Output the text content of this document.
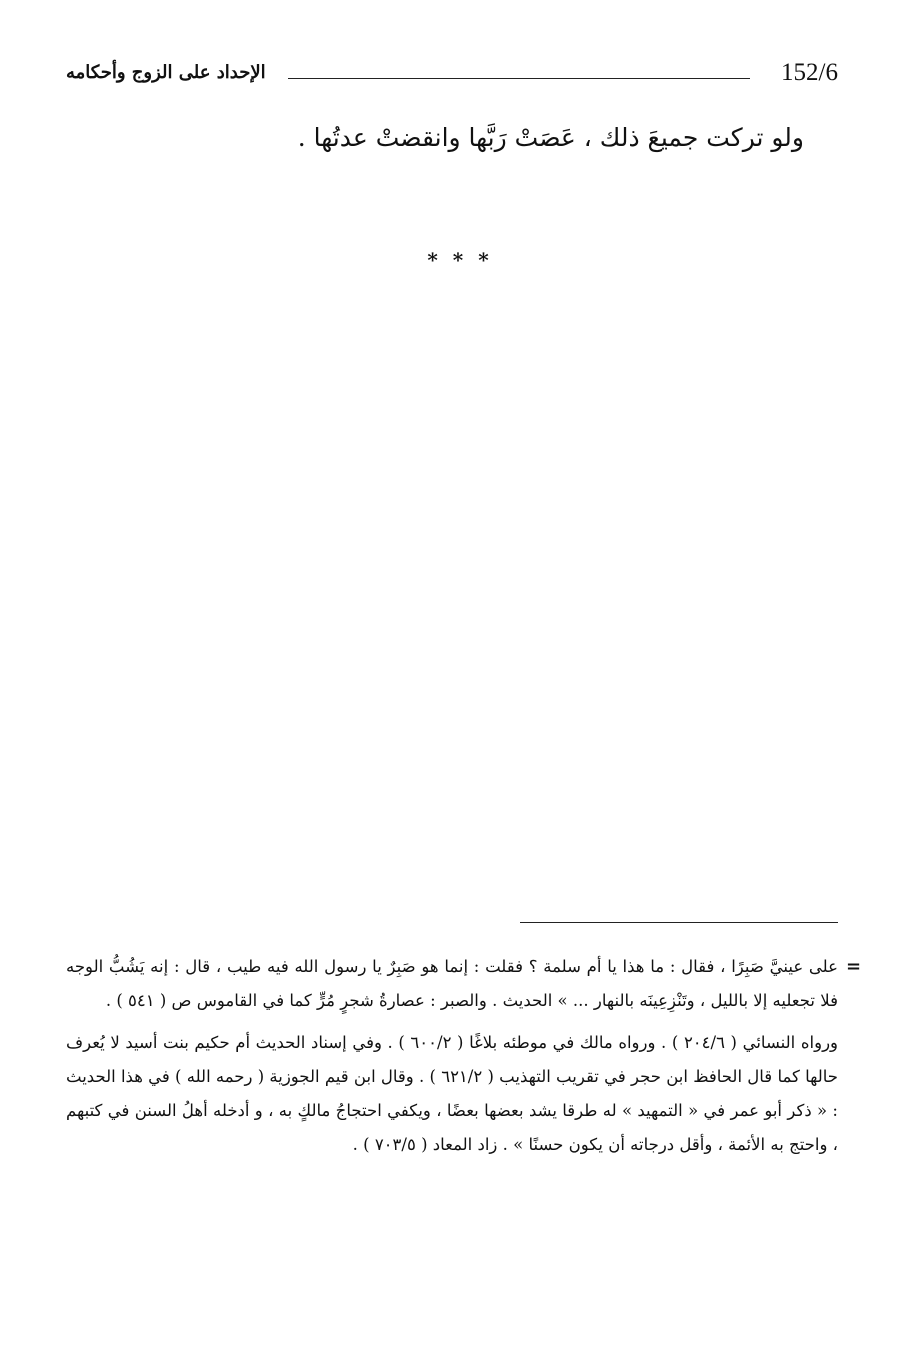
152/6
الإحداد على الزوج وأحكامه
ولو تركت جميعَ ذلك ، عَصَتْ رَبَّها وانقضتْ عدتُها .
* * *
=

على عينيَّ صَبِرًا ، فقال : ما هذا يا أم سلمة ؟ فقلت : إنما هو صَبِرٌ يا رسول الله فيه طيب ، قال : إنه يَشُبُّ الوجه فلا تجعليه إلا بالليل ، وتَنْزِعِينَه بالنهار ... » الحديث . والصبر : عصارةُ شجرٍ مُرٍّ كما في القاموس ص ( ٥٤١ ) .

ورواه النسائي ( ٢٠٤/٦ ) . ورواه مالك في موطئه بلاغًا ( ٦٠٠/٢ ) . وفي إسناد الحديث أم حكيم بنت أسيد لا يُعرف حالها كما قال الحافظ ابن حجر في تقريب التهذيب ( ٦٢١/٢ ) . وقال ابن قيم الجوزية ( رحمه الله ) في هذا الحديث : « ذكر أبو عمر في « التمهيد » له طرقا يشد بعضها بعضًا ، ويكفي احتجاجُ مالكٍ به ، و أدخله أهلُ السنن في كتبهم ، واحتج به الأئمة ، وأقل درجاته أن يكون حسنًا » . زاد المعاد ( ٧٠٣/٥ ) .
